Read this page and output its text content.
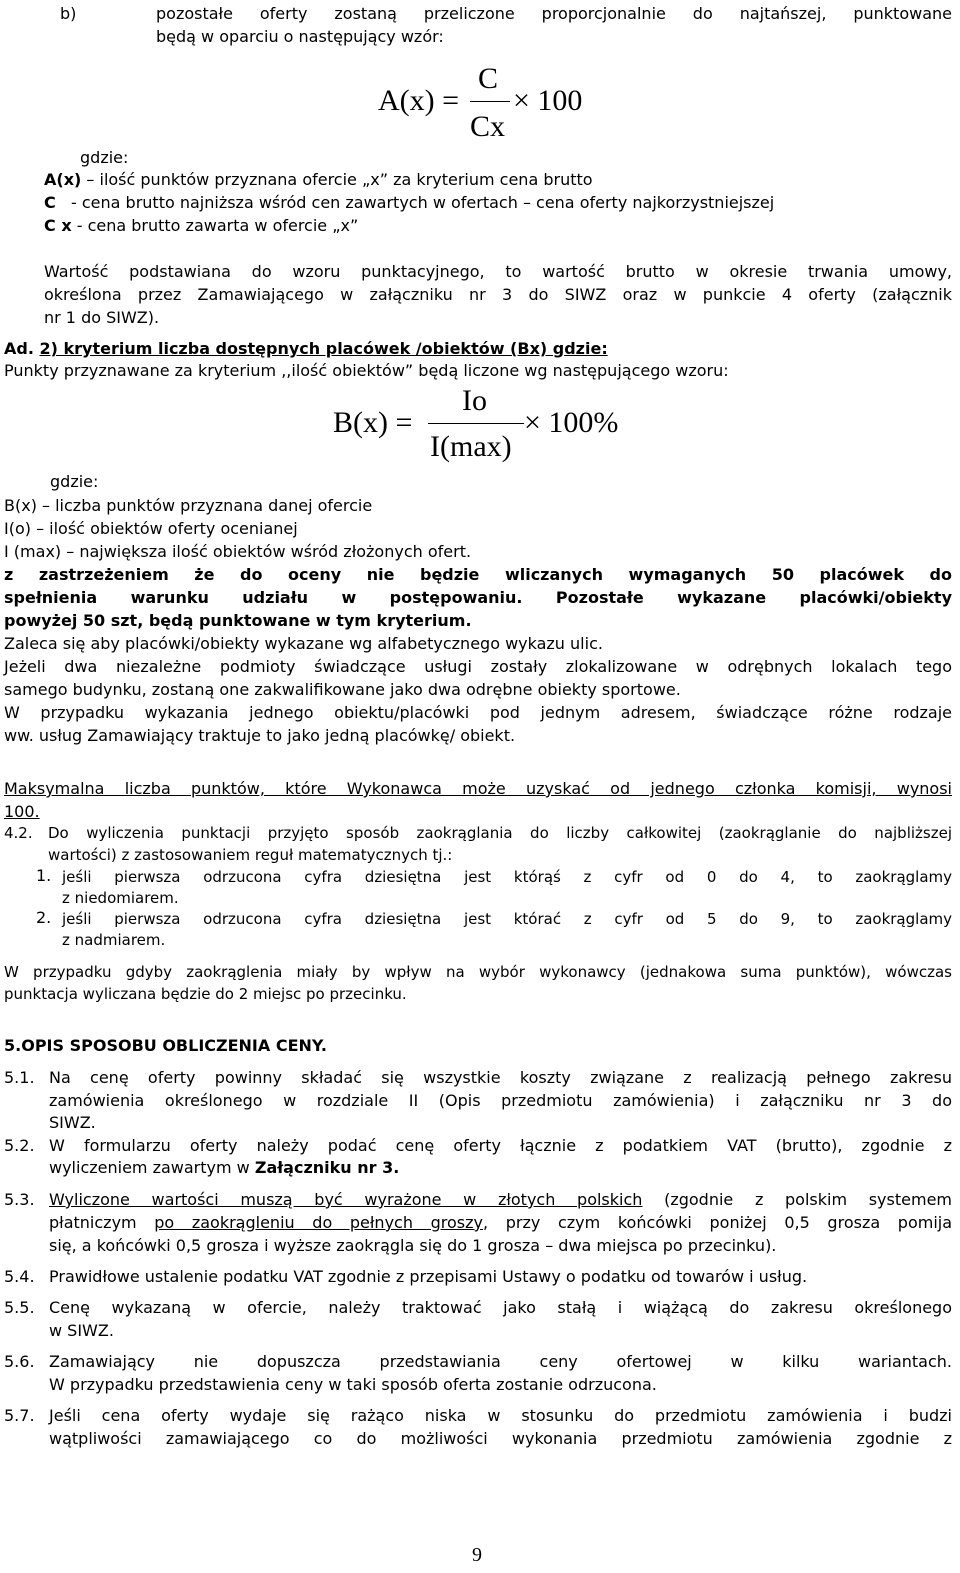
b)	pozostałe oferty zostaną przeliczone proporcjonalnie do najtańszej, punktowane
będą w oparciu o następujący wzór:
A(x) =
C
Cx
× 100
gdzie:
A(x) – ilość punktów przyznana ofercie „x” za kryterium cena brutto
C   - cena brutto najniższa wśród cen zawartych w ofertach – cena oferty najkorzystniejszej
C x - cena brutto zawarta w ofercie „x”
Wartość podstawiana do wzoru punktacyjnego, to wartość brutto w okresie trwania umowy,
określona przez Zamawiającego w załączniku nr 3 do SIWZ oraz w punkcie 4 oferty (załącznik
nr 1 do SIWZ).
Ad. 2) kryterium liczba dostępnych placówek /obiektów (Bx) gdzie:
Punkty przyznawane za kryterium ,,ilość obiektów” będą liczone wg następującego wzoru:
B(x) =
Io
I(max)
× 100%
gdzie:
B(x) – liczba punktów przyznana danej ofercie
I(o) – ilość obiektów oferty ocenianej
I (max) – największa ilość obiektów wśród złożonych ofert.
z zastrzeżeniem że do oceny nie będzie wliczanych wymaganych 50 placówek do
spełnienia warunku udziału w postępowaniu. Pozostałe wykazane placówki/obiekty
powyżej 50 szt, będą punktowane w tym kryterium.
Zaleca się aby placówki/obiekty wykazane wg alfabetycznego wykazu ulic.
Jeżeli dwa niezależne podmioty świadczące usługi zostały zlokalizowane w odrębnych lokalach tego
samego budynku, zostaną one zakwalifikowane jako dwa odrębne obiekty sportowe.
W przypadku wykazania jednego obiektu/placówki pod jednym adresem, świadczące różne rodzaje
ww. usług Zamawiający traktuje to jako jedną placówkę/ obiekt.
Maksymalna liczba punktów, które Wykonawca może uzyskać od jednego członka komisji, wynosi
100.
4.2. Do wyliczenia punktacji przyjęto sposób zaokrąglania do liczby całkowitej (zaokrąglanie do najbliższej
wartości) z zastosowaniem reguł matematycznych tj.:
1. jeśli pierwsza odrzucona cyfra dziesiętna jest którąś z cyfr od 0 do 4, to zaokrąglamy
z niedomiarem.
2. jeśli pierwsza odrzucona cyfra dziesiętna jest którać z cyfr od 5 do 9, to zaokrąglamy
z nadmiarem.
W przypadku gdyby zaokrąglenia miały by wpływ na wybór wykonawcy (jednakowa suma punktów), wówczas
punktacja wyliczana będzie do 2 miejsc po przecinku.
5.OPIS SPOSOBU OBLICZENIA CENY.
5.1. Na cenę oferty powinny składać się wszystkie koszty związane z realizacją pełnego zakresu
zamówienia określonego w rozdziale II (Opis przedmiotu zamówienia) i załączniku nr 3 do
SIWZ.
5.2. W formularzu oferty należy podać cenę oferty łącznie z podatkiem VAT (brutto), zgodnie z
wyliczeniem zawartym w Załączniku nr 3.
5.3. Wyliczone wartości muszą być wyrażone w złotych polskich (zgodnie z polskim systemem
płatniczym po zaokrągleniu do pełnych groszy, przy czym końcówki poniżej 0,5 grosza pomija
się, a końcówki 0,5 grosza i wyższe zaokrągla się do 1 grosza – dwa miejsca po przecinku).
5.4. Prawidłowe ustalenie podatku VAT zgodnie z przepisami Ustawy o podatku od towarów i usług.
5.5. Cenę wykazaną w ofercie, należy traktować jako stałą i wiążącą do zakresu określonego
w SIWZ.
5.6. Zamawiający nie dopuszcza przedstawiania ceny ofertowej w kilku wariantach.
W przypadku przedstawienia ceny w taki sposób oferta zostanie odrzucona.
5.7. Jeśli cena oferty wydaje się rażąco niska w stosunku do przedmiotu zamówienia i budzi
wątpliwości zamawiającego co do możliwości wykonania przedmiotu zamówienia zgodnie z
9
